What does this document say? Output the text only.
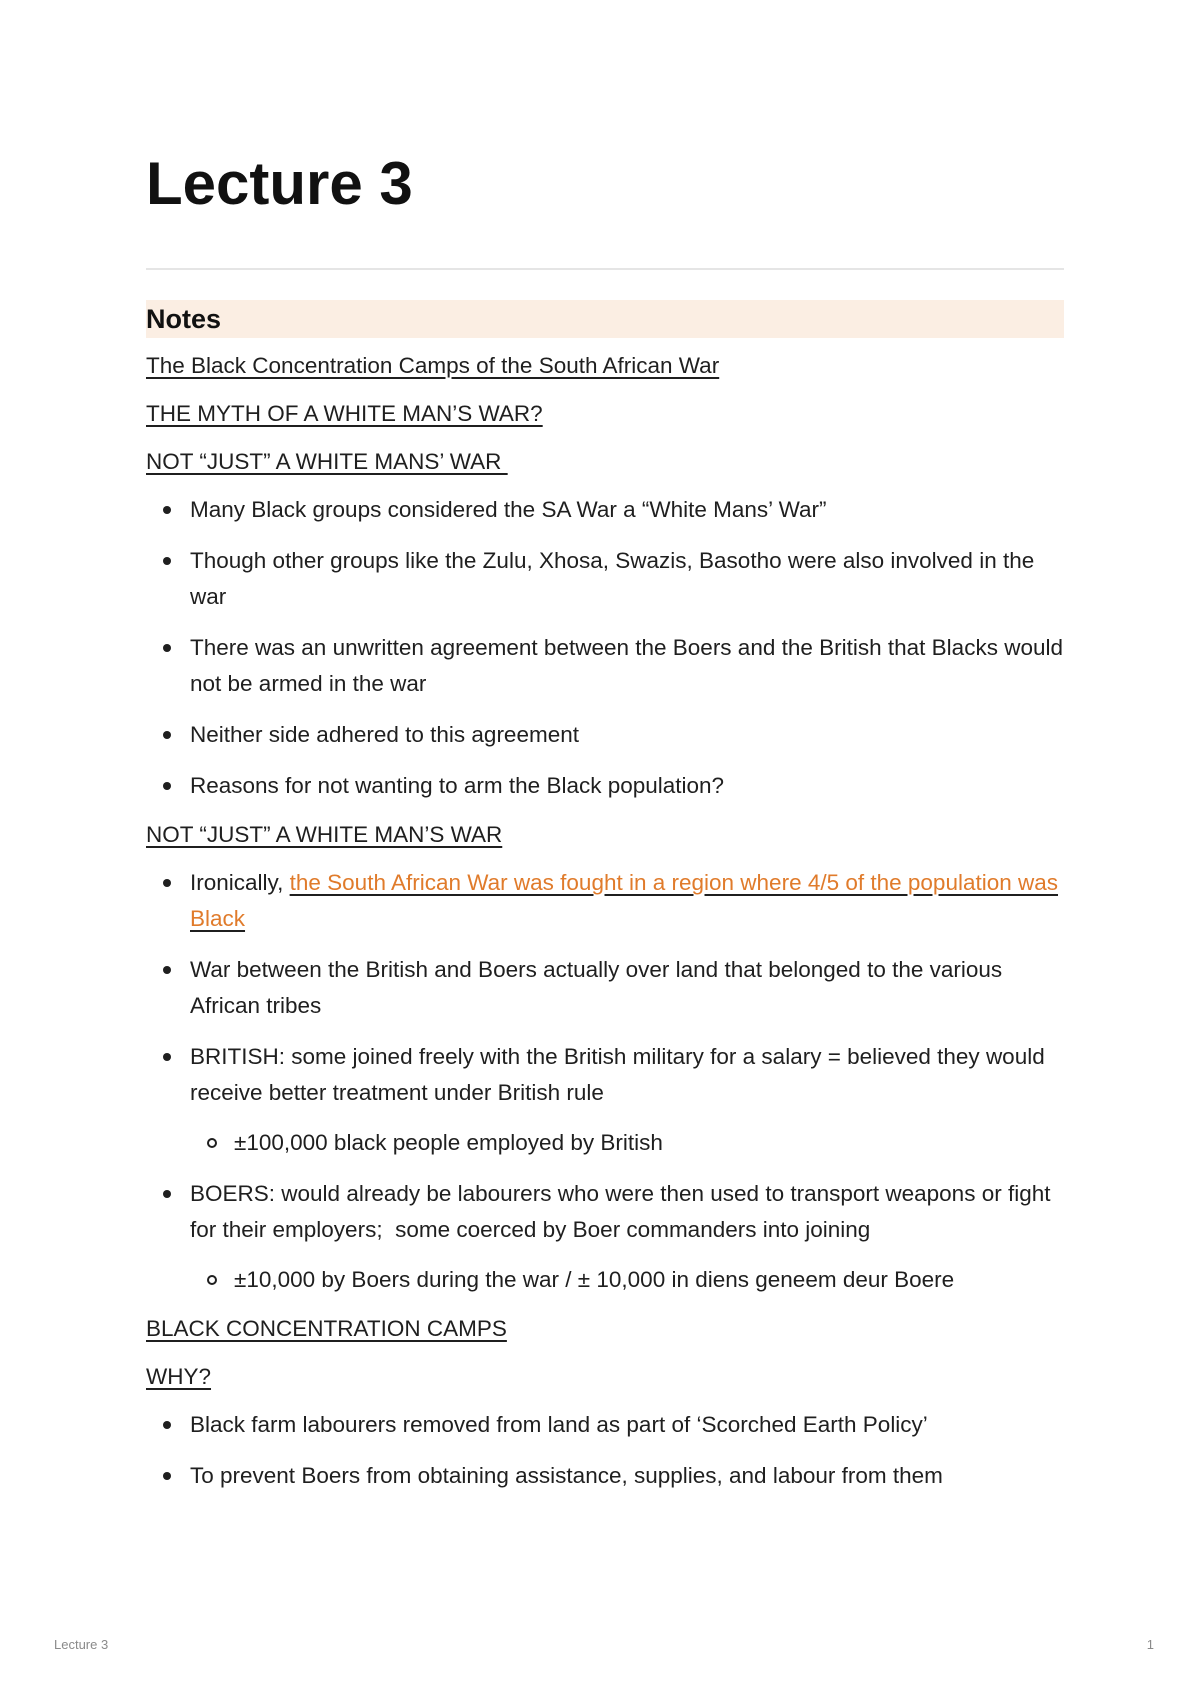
Lecture 3
Notes
The Black Concentration Camps of the South African War
THE MYTH OF A WHITE MAN’S WAR?
NOT “JUST” A WHITE MANS’ WAR
Many Black groups considered the SA War a “White Mans’ War”
Though other groups like the Zulu, Xhosa, Swazis, Basotho were also involved in the war
There was an unwritten agreement between the Boers and the British that Blacks would not be armed in the war
Neither side adhered to this agreement
Reasons for not wanting to arm the Black population?
NOT “JUST” A WHITE MAN’S WAR
Ironically, the South African War was fought in a region where 4/5 of the population was Black
War between the British and Boers actually over land that belonged to the various African tribes
BRITISH: some joined freely with the British military for a salary = believed they would receive better treatment under British rule
±100,000 black people employed by British
BOERS: would already be labourers who were then used to transport weapons or fight for their employers;  some coerced by Boer commanders into joining
±10,000 by Boers during the war / ± 10,000 in diens geneem deur Boere
BLACK CONCENTRATION CAMPS
WHY?
Black farm labourers removed from land as part of ‘Scorched Earth Policy’
To prevent Boers from obtaining assistance, supplies, and labour from them
Lecture 3	1
